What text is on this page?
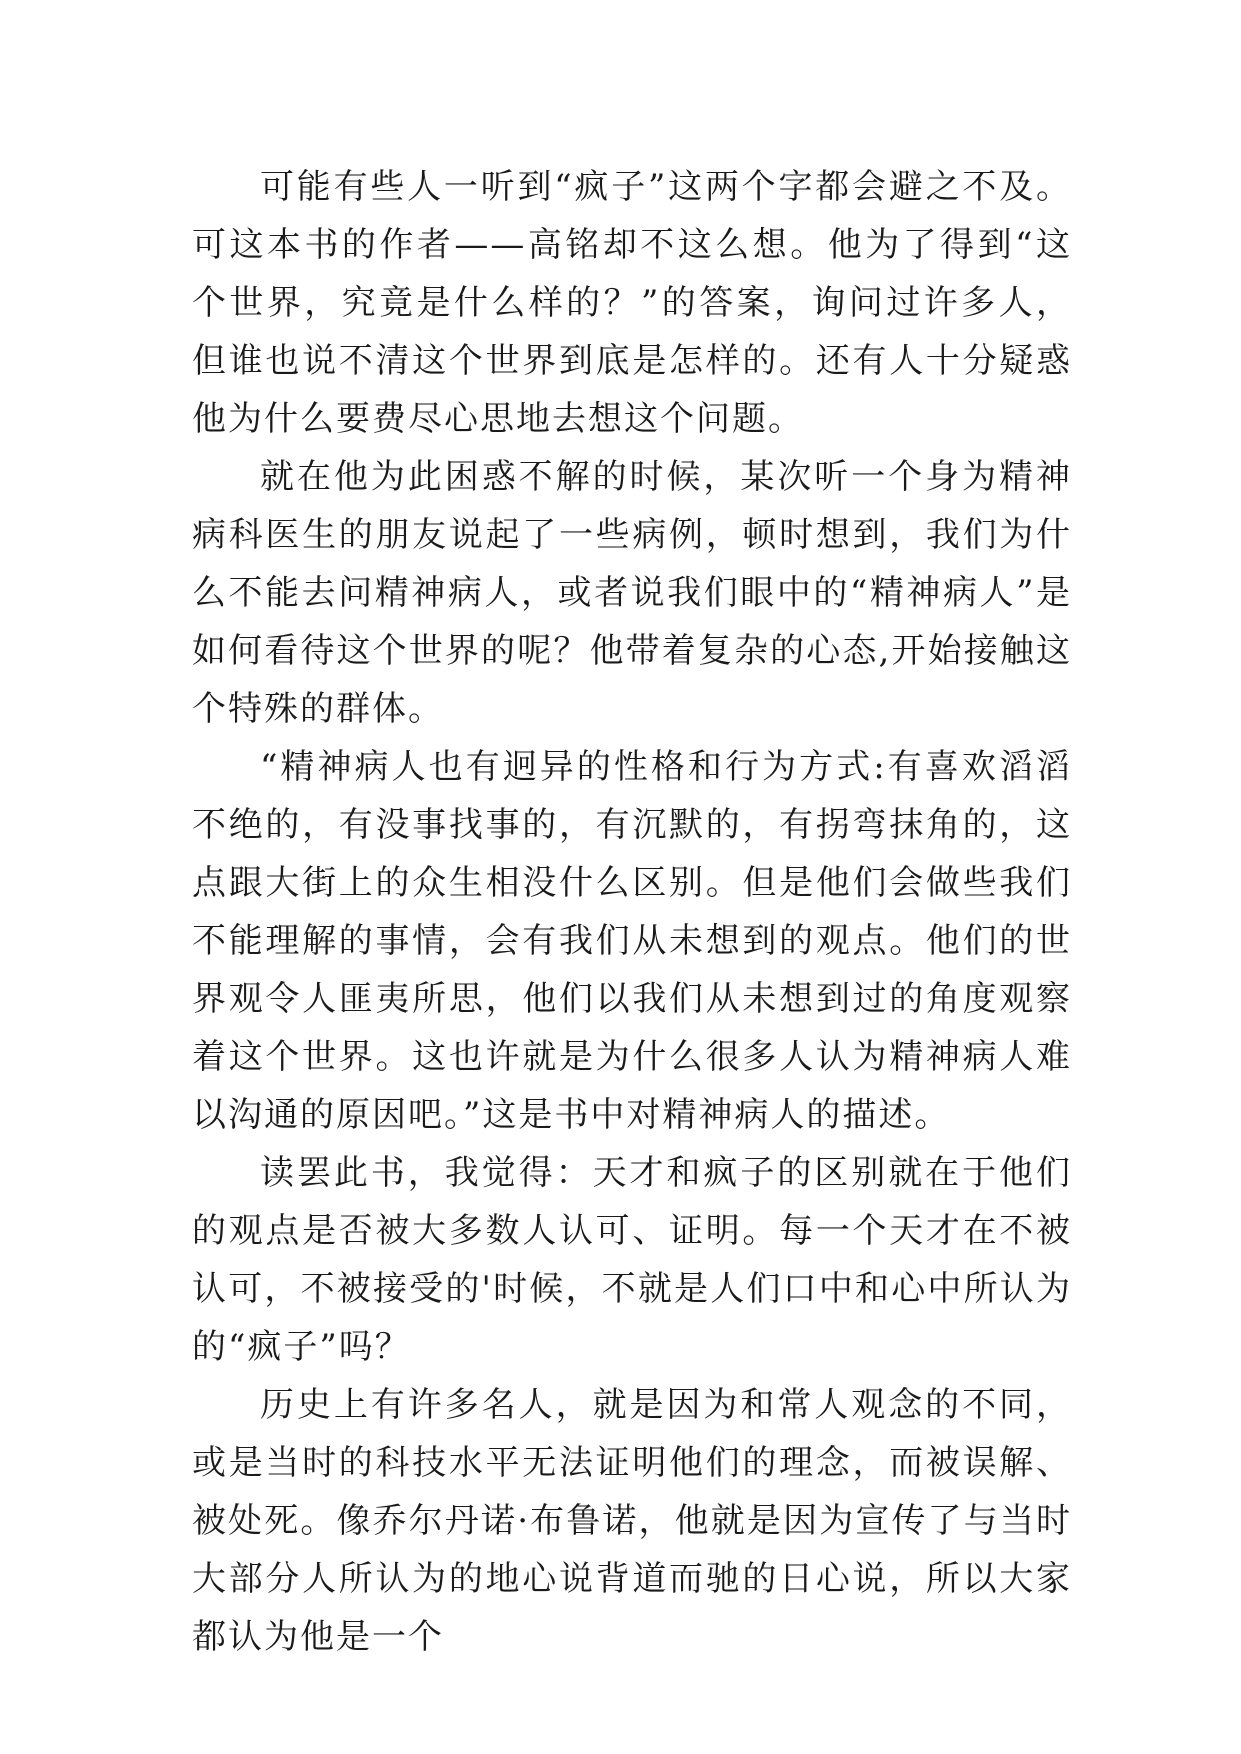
可能有些人一听到“疯子”这两个字都会避之不及。可这本书的作者——高铭却不这么想。他为了得到“这个世界，究竟是什么样的？”的答案，询问过许多人，但谁也说不清这个世界到底是怎样的。还有人十分疑惑他为什么要费尽心思地去想这个问题。

就在他为此困惑不解的时候，某次听一个身为精神病科医生的朋友说起了一些病例，顿时想到，我们为什么不能去问精神病人，或者说我们眼中的“精神病人”是如何看待这个世界的呢？他带着复杂的心态,开始接触这个特殊的群体。

“精神病人也有迥异的性格和行为方式:有喜欢滔滔不绝的，有没事找事的，有沉默的，有拐弯抹角的，这点跟大街上的众生相没什么区别。但是他们会做些我们不能理解的事情，会有我们从未想到的观点。他们的世界观令人匪夷所思，他们以我们从未想到过的角度观察着这个世界。这也许就是为什么很多人认为精神病人难以沟通的原因吧。”这是书中对精神病人的描述。

读罢此书，我觉得：天才和疯子的区别就在于他们的观点是否被大多数人认可、证明。每一个天才在不被认可，不被接受的'时候，不就是人们口中和心中所认为的“疯子”吗？

历史上有许多名人，就是因为和常人观念的不同，或是当时的科技水平无法证明他们的理念，而被误解、被处死。像乔尔丹诺·布鲁诺，他就是因为宣传了与当时大部分人所认为的地心说背道而驰的日心说，所以大家都认为他是一个
